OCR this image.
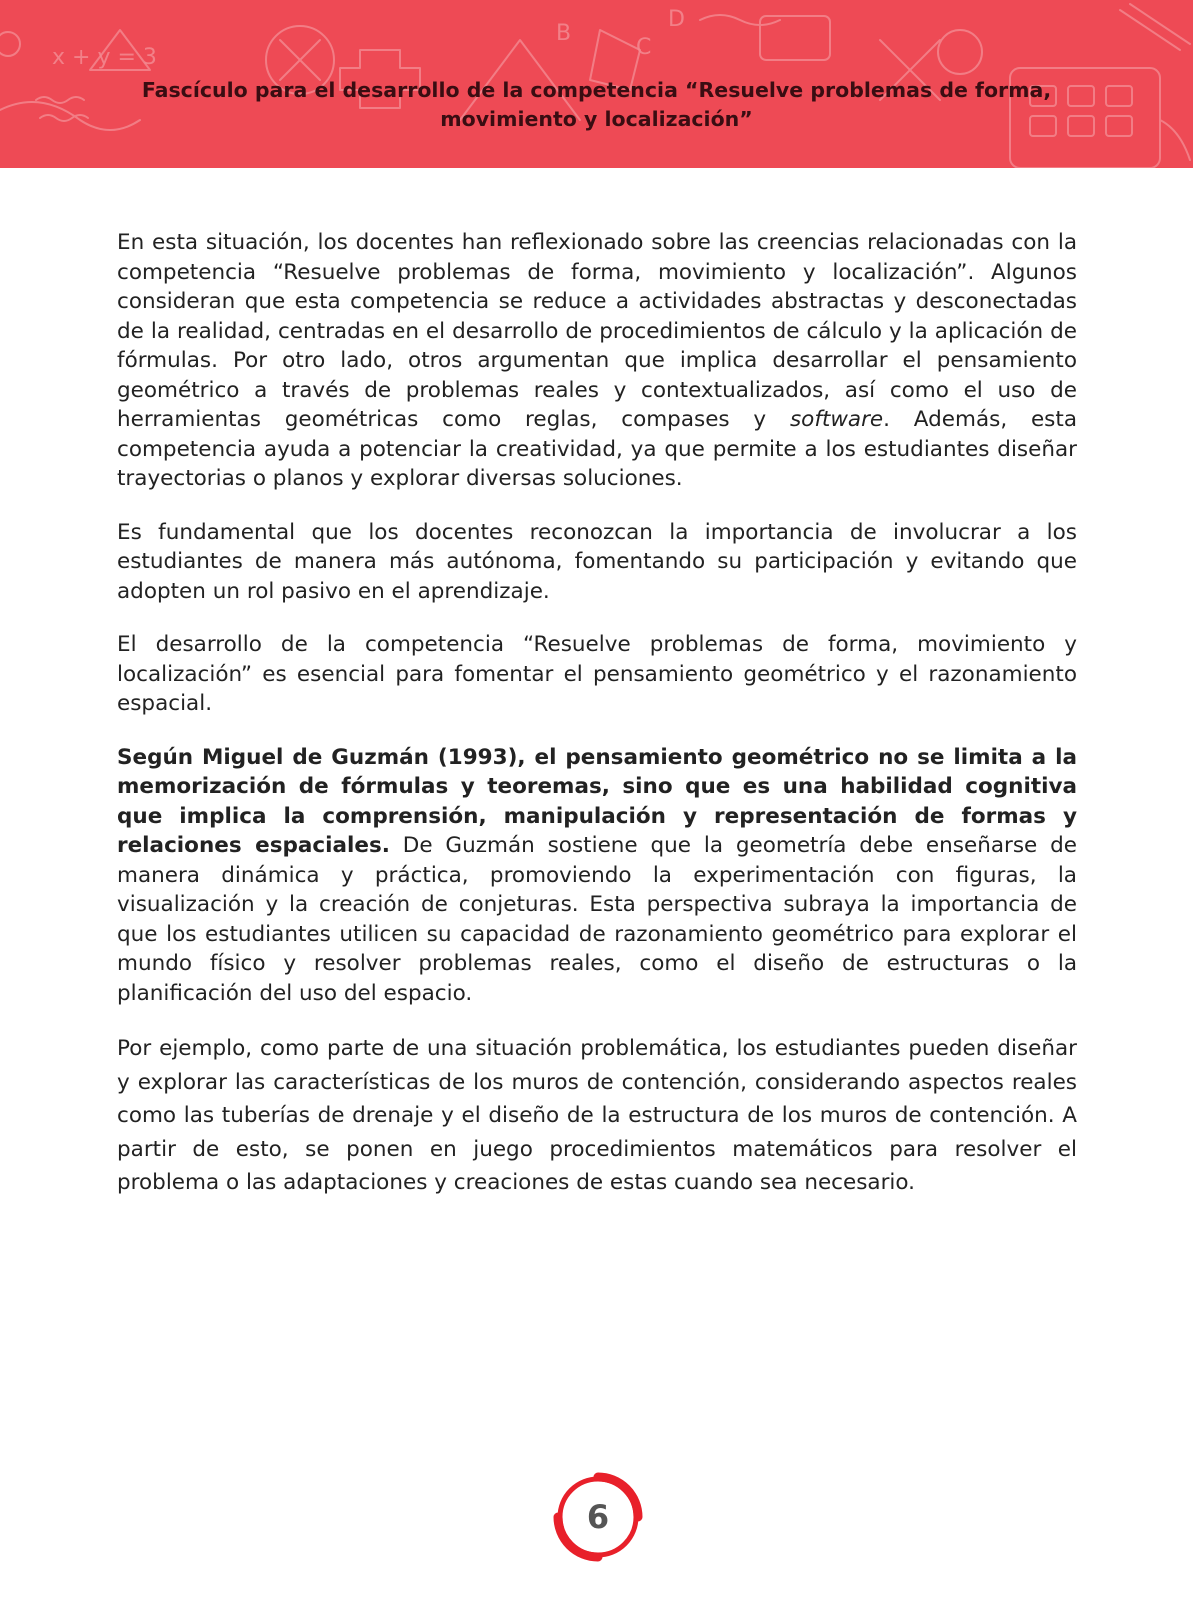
x + y = 3
B
C
D
Fascículo para el desarrollo de la competencia “Resuelve problemas de forma,
movimiento y localización”

En esta situación, los docentes han reflexionado sobre las creencias relacionadas con la competencia “Resuelve problemas de forma, movimiento y localización”. Algunos consideran que esta competencia se reduce a actividades abstractas y desconectadas de la realidad, centradas en el desarrollo de procedimientos de cálculo y la aplicación de fórmulas. Por otro lado, otros argumentan que implica desarrollar el pensamiento geométrico a través de problemas reales y contextualizados, así como el uso de herramientas geométricas como reglas, compases y software. Además, esta competencia ayuda a potenciar la creatividad, ya que permite a los estudiantes diseñar trayectorias o planos y explorar diversas soluciones.

Es fundamental que los docentes reconozcan la importancia de involucrar a los estudiantes de manera más autónoma, fomentando su participación y evitando que adopten un rol pasivo en el aprendizaje.

El desarrollo de la competencia “Resuelve problemas de forma, movimiento y localización” es esencial para fomentar el pensamiento geométrico y el razonamiento espacial.

Según Miguel de Guzmán (1993), el pensamiento geométrico no se limita a la memorización de fórmulas y teoremas, sino que es una habilidad cognitiva que implica la comprensión, manipulación y representación de formas y relaciones espaciales. De Guzmán sostiene que la geometría debe enseñarse de manera dinámica y práctica, promoviendo la experimentación con figuras, la visualización y la creación de conjeturas. Esta perspectiva subraya la importancia de que los estudiantes utilicen su capacidad de razonamiento geométrico para explorar el mundo físico y resolver problemas reales, como el diseño de estructuras o la planificación del uso del espacio.

Por ejemplo, como parte de una situación problemática, los estudiantes pueden diseñar y explorar las características de los muros de contención, considerando aspectos reales como las tuberías de drenaje y el diseño de la estructura de los muros de contención. A partir de esto, se ponen en juego procedimientos matemáticos para resolver el problema o las adaptaciones y creaciones de estas cuando sea necesario.

6
